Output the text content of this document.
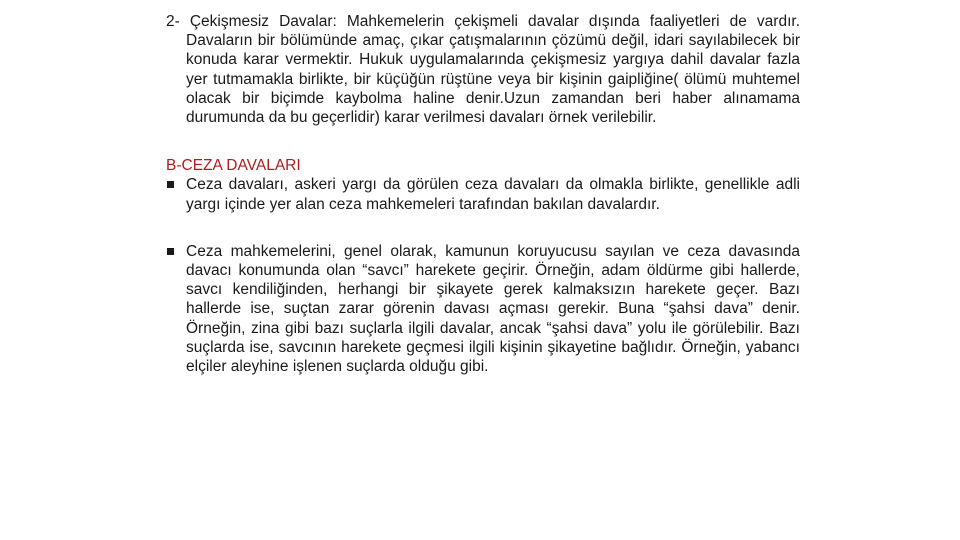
2- Çekişmesiz Davalar: Mahkemelerin çekişmeli davalar dışında faaliyetleri de vardır. Davaların bir bölümünde amaç, çıkar çatışmalarının çözümü değil, idari sayılabilecek bir konuda karar vermektir. Hukuk uygulamalarında çekişmesiz yargıya dahil davalar fazla yer tutmamakla birlikte, bir küçüğün rüştüne veya bir kişinin gaipliğine( ölümü muhtemel olacak bir biçimde kaybolma haline denir.Uzun zamandan beri haber alınamama durumunda da bu geçerlidir) karar verilmesi davaları örnek verilebilir.

B-CEZA DAVALARI

Ceza davaları, askeri yargı da görülen ceza davaları da olmakla birlikte, genellikle adli yargı içinde yer alan ceza mahkemeleri tarafından bakılan davalardır.

Ceza mahkemelerini, genel olarak, kamunun koruyucusu sayılan ve ceza davasında davacı konumunda olan “savcı” harekete geçirir. Örneğin, adam öldürme gibi hallerde, savcı kendiliğinden, herhangi bir şikayete gerek kalmaksızın harekete geçer. Bazı hallerde ise, suçtan zarar görenin davası açması gerekir. Buna “şahsi dava” denir. Örneğin, zina gibi bazı suçlarla ilgili davalar, ancak “şahsi dava” yolu ile görülebilir. Bazı suçlarda ise, savcının harekete geçmesi ilgili kişinin şikayetine bağlıdır. Örneğin, yabancı elçiler aleyhine işlenen suçlarda olduğu gibi.
